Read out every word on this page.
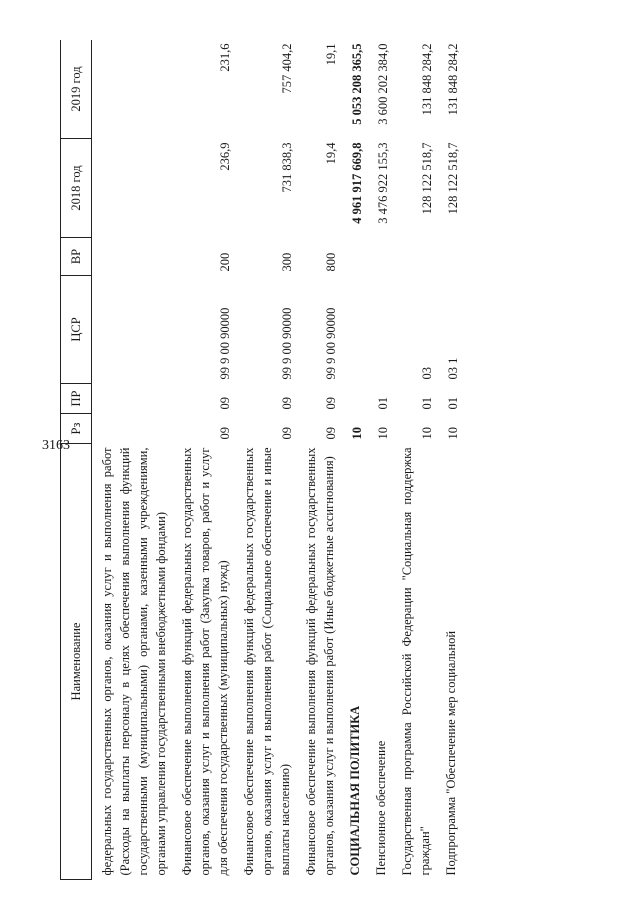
3163
Наименование	Рз	ПР	ЦСР	ВР	2018 год	2019 год
федеральных государственных органов, оказания услуг и выполнения работ (Расходы на выплаты персоналу в целях обеспечения выполнения функций государственными (муниципальными) органами, казенными учреждениями, органами управления государственными внебюджетными фондами)						
Финансовое обеспечение выполнения функций федеральных государственных органов, оказания услуг и выполнения работ (Закупка товаров, работ и услуг для обеспечения государственных (муниципальных) нужд)	09	09	99 9 00 90000	200	236,9	231,6
Финансовое обеспечение выполнения функций федеральных государственных органов, оказания услуг и выполнения работ (Социальное обеспечение и иные выплаты населению)	09	09	99 9 00 90000	300	731 838,3	757 404,2
Финансовое обеспечение выполнения функций федеральных государственных органов, оказания услуг и выполнения работ (Иные бюджетные ассигнования)	09	09	99 9 00 90000	800	19,4	19,1
СОЦИАЛЬНАЯ ПОЛИТИКА	10				4 961 917 669,8	5 053 208 365,5
Пенсионное обеспечение	10	01			3 476 922 155,3	3 600 202 384,0
Государственная программа Российской Федерации "Социальная поддержка граждан"	10	01	03		128 122 518,7	131 848 284,2
Подпрограмма "Обеспечение мер социальной	10	01	03 1		128 122 518,7	131 848 284,2
